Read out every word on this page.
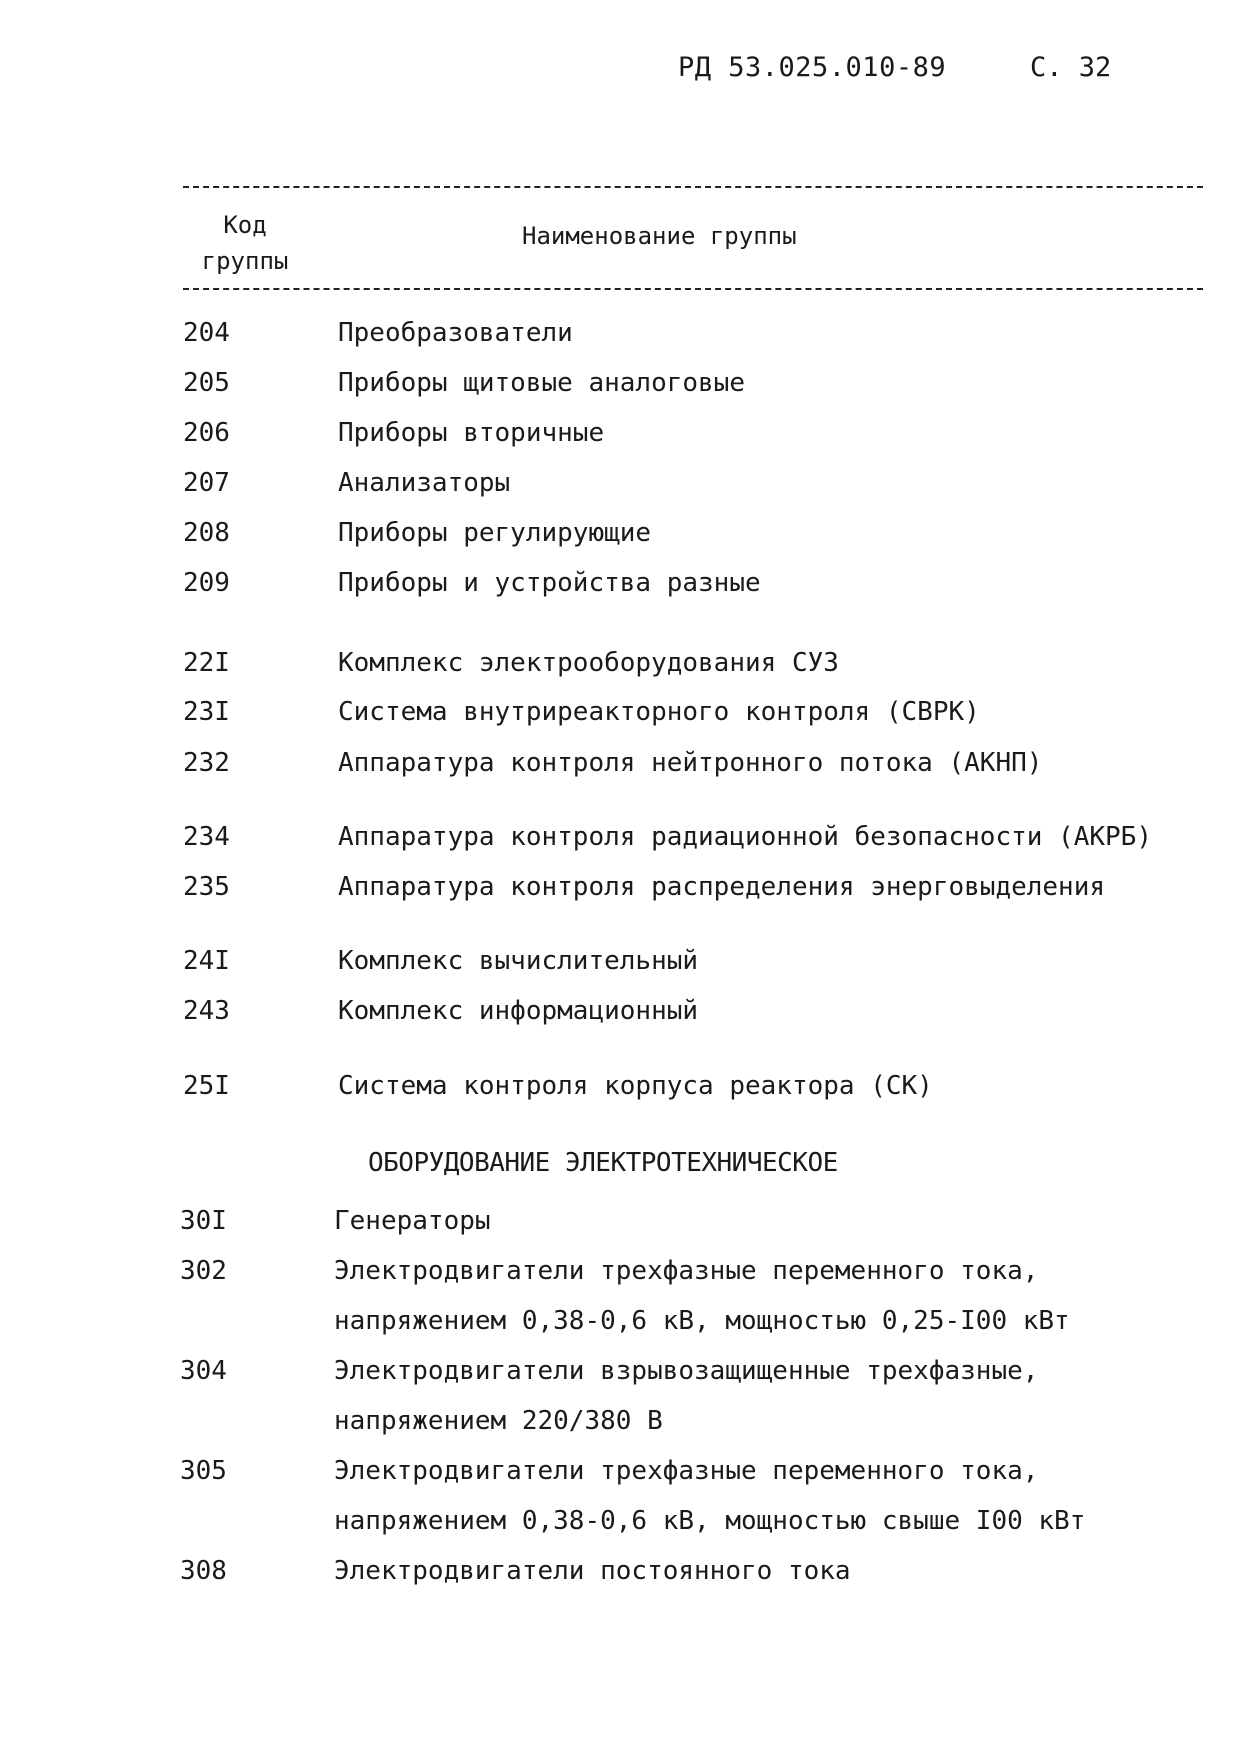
РД 53.025.010-89	С. 32
Код
группы
Наименование группы
204	Преобразователи
205	Приборы щитовые аналоговые
206	Приборы вторичные
207	Анализаторы
208	Приборы регулирующие
209	Приборы и устройства разные
22I	Комплекс электрооборудования СУЗ
23I	Система внутриреакторного контроля (СВРК)
232	Аппаратура контроля нейтронного потока (АКНП)
234	Аппаратура контроля радиационной безопасности (АКРБ)
235	Аппаратура контроля распределения энерговыделения
24I	Комплекс вычислительный
243	Комплекс информационный
25I	Система контроля корпуса реактора (СК)
ОБОРУДОВАНИЕ ЭЛЕКТРОТЕХНИЧЕСКОЕ
30I	Генераторы
302	Электродвигатели трехфазные переменного тока,
напряжением 0,38-0,6 кВ, мощностью 0,25-I00 кВт
304	Электродвигатели взрывозащищенные трехфазные,
напряжением 220/380 В
305	Электродвигатели трехфазные переменного тока,
напряжением 0,38-0,6 кВ, мощностью свыше I00 кВт
308	Электродвигатели постоянного тока
